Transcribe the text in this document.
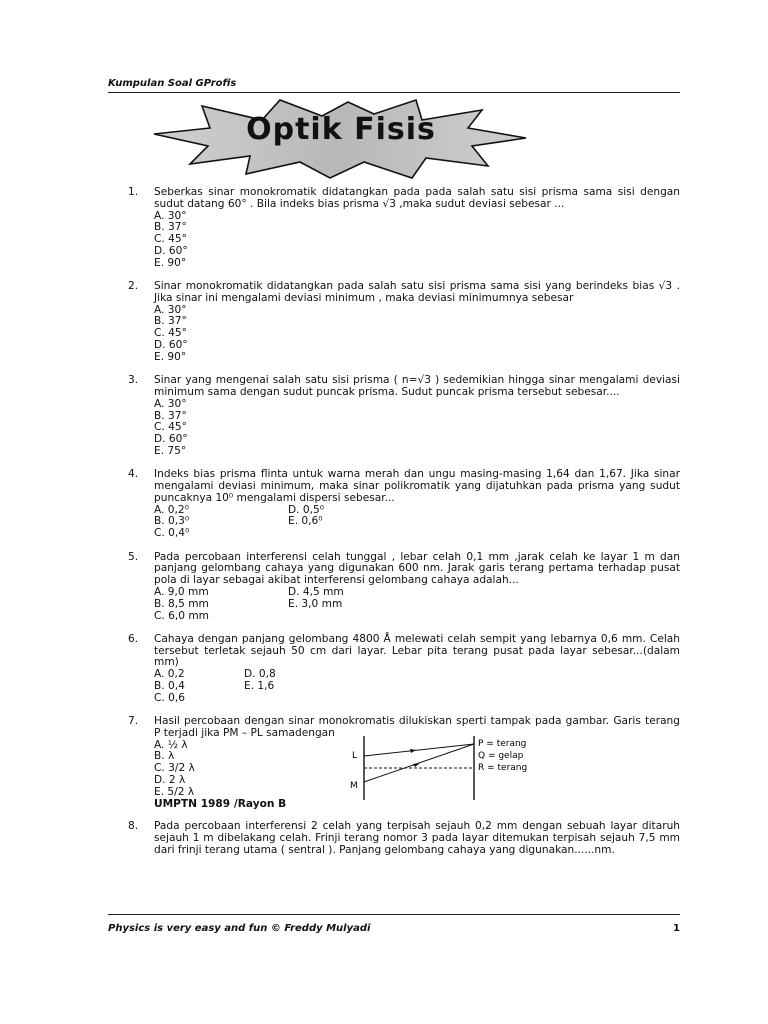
Kumpulan Soal GProfis
Optik Fisis
1.	Seberkas sinar monokromatik didatangkan pada pada salah satu sisi prisma sama sisi dengan sudut datang 60° . Bila indeks bias prisma √3 ,maka sudut deviasi sebesar ...
A. 30°
B. 37°
C. 45°
D. 60°
E. 90°
2.	Sinar monokromatik didatangkan pada salah satu sisi prisma sama sisi yang berindeks bias √3 . Jika sinar ini mengalami deviasi minimum , maka deviasi minimumnya sebesar
A. 30°
B. 37°
C. 45°
D. 60°
E. 90°
3.	Sinar yang mengenai salah satu sisi prisma ( n=√3 ) sedemikian hingga sinar mengalami deviasi minimum sama dengan sudut puncak prisma. Sudut puncak prisma tersebut sebesar....
A. 30°
B. 37°
C. 45°
D. 60°
E. 75°
4.	Indeks bias prisma flinta untuk warna merah dan ungu masing-masing 1,64 dan 1,67. Jika sinar mengalami deviasi minimum, maka sinar polikromatik yang dijatuhkan pada prisma yang sudut puncaknya 10⁰ mengalami dispersi sebesar...
A. 0,2⁰	D. 0,5⁰
B. 0,3⁰	E. 0,6⁰
C. 0,4⁰
5.	Pada percobaan interferensi celah tunggal , lebar celah 0,1 mm ,jarak celah ke layar 1 m dan panjang gelombang cahaya yang digunakan 600 nm. Jarak garis terang pertama terhadap pusat pola di layar sebagai akibat interferensi gelombang cahaya adalah...
A. 9,0 mm	D. 4,5 mm
B. 8,5 mm	E. 3,0 mm
C. 6,0 mm
6.	Cahaya dengan panjang gelombang 4800 Å melewati celah sempit yang lebarnya 0,6 mm. Celah tersebut terletak sejauh 50 cm dari layar. Lebar pita terang pusat pada layar sebesar...(dalam mm)
A. 0,2	D. 0,8
B. 0,4	E. 1,6
C. 0,6
7.	Hasil percobaan dengan sinar monokromatis dilukiskan sperti tampak pada gambar. Garis terang P terjadi jika PM – PL samadengan
A. ½ λ
B. λ
C. 3/2 λ
D. 2 λ
E. 5/2 λ
UMPTN 1989 /Rayon B
L
M
P = terang
Q = gelap
R = terang
8.	Pada percobaan interferensi 2 celah yang terpisah sejauh 0,2 mm dengan sebuah layar ditaruh sejauh 1 m dibelakang celah. Frinji terang nomor 3 pada layar ditemukan terpisah sejauh 7,5 mm dari frinji terang utama ( sentral ). Panjang gelombang cahaya yang digunakan......nm.
Physics is very easy and fun © Freddy Mulyadi	1
